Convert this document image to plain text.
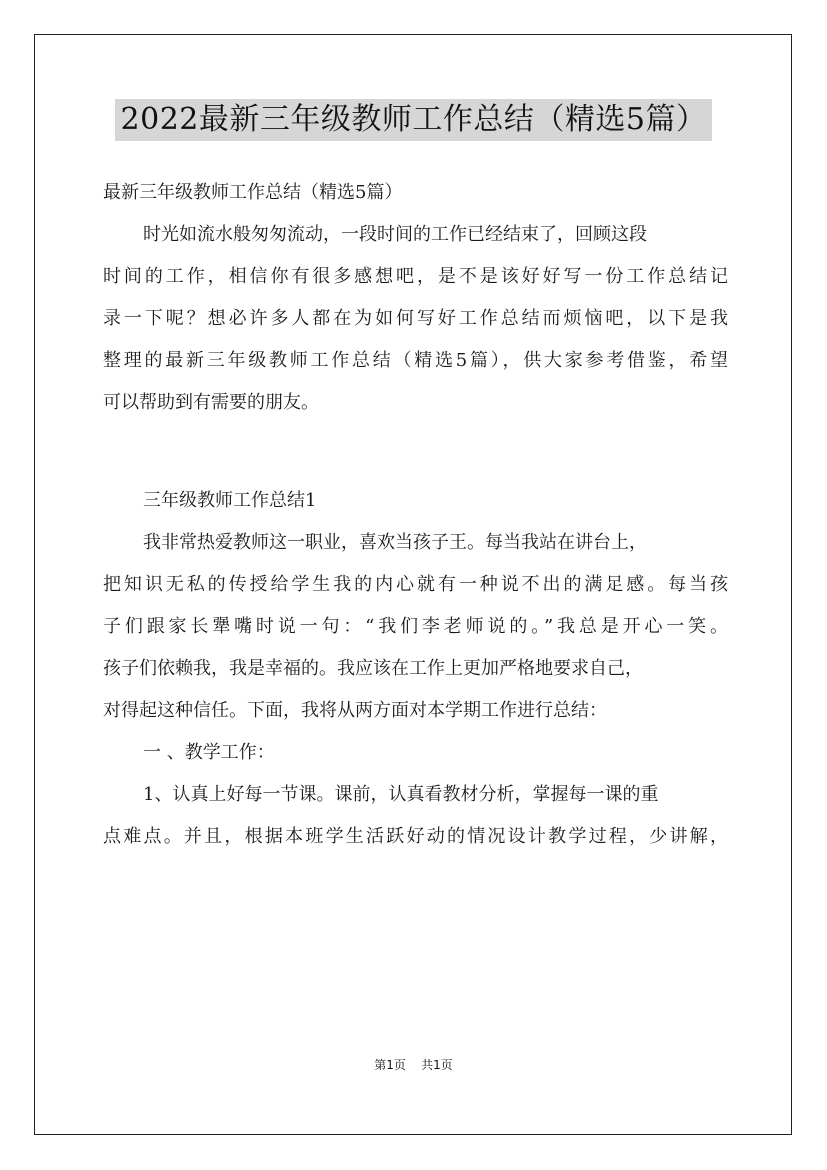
2022最新三年级教师工作总结（精选5篇）
最新三年级教师工作总结（精选5篇）
时光如流水般匆匆流动，一段时间的工作已经结束了，回顾这段
时间的工作，相信你有很多感想吧，是不是该好好写一份工作总结记
录一下呢？想必许多人都在为如何写好工作总结而烦恼吧，以下是我
整理的最新三年级教师工作总结（精选5篇），供大家参考借鉴，希望
可以帮助到有需要的朋友。
三年级教师工作总结1
我非常热爱教师这一职业，喜欢当孩子王。每当我站在讲台上，
把知识无私的传授给学生我的内心就有一种说不出的满足感。每当孩
子们跟家长犟嘴时说一句：“我们李老师说的。”我总是开心一笑。
孩子们依赖我，我是幸福的。我应该在工作上更加严格地要求自己，
对得起这种信任。下面，我将从两方面对本学期工作进行总结：
一 、教学工作：
1、认真上好每一节课。课前，认真看教材分析，掌握每一课的重
点难点。并且，根据本班学生活跃好动的情况设计教学过程，少讲解，
第1页 共1页
